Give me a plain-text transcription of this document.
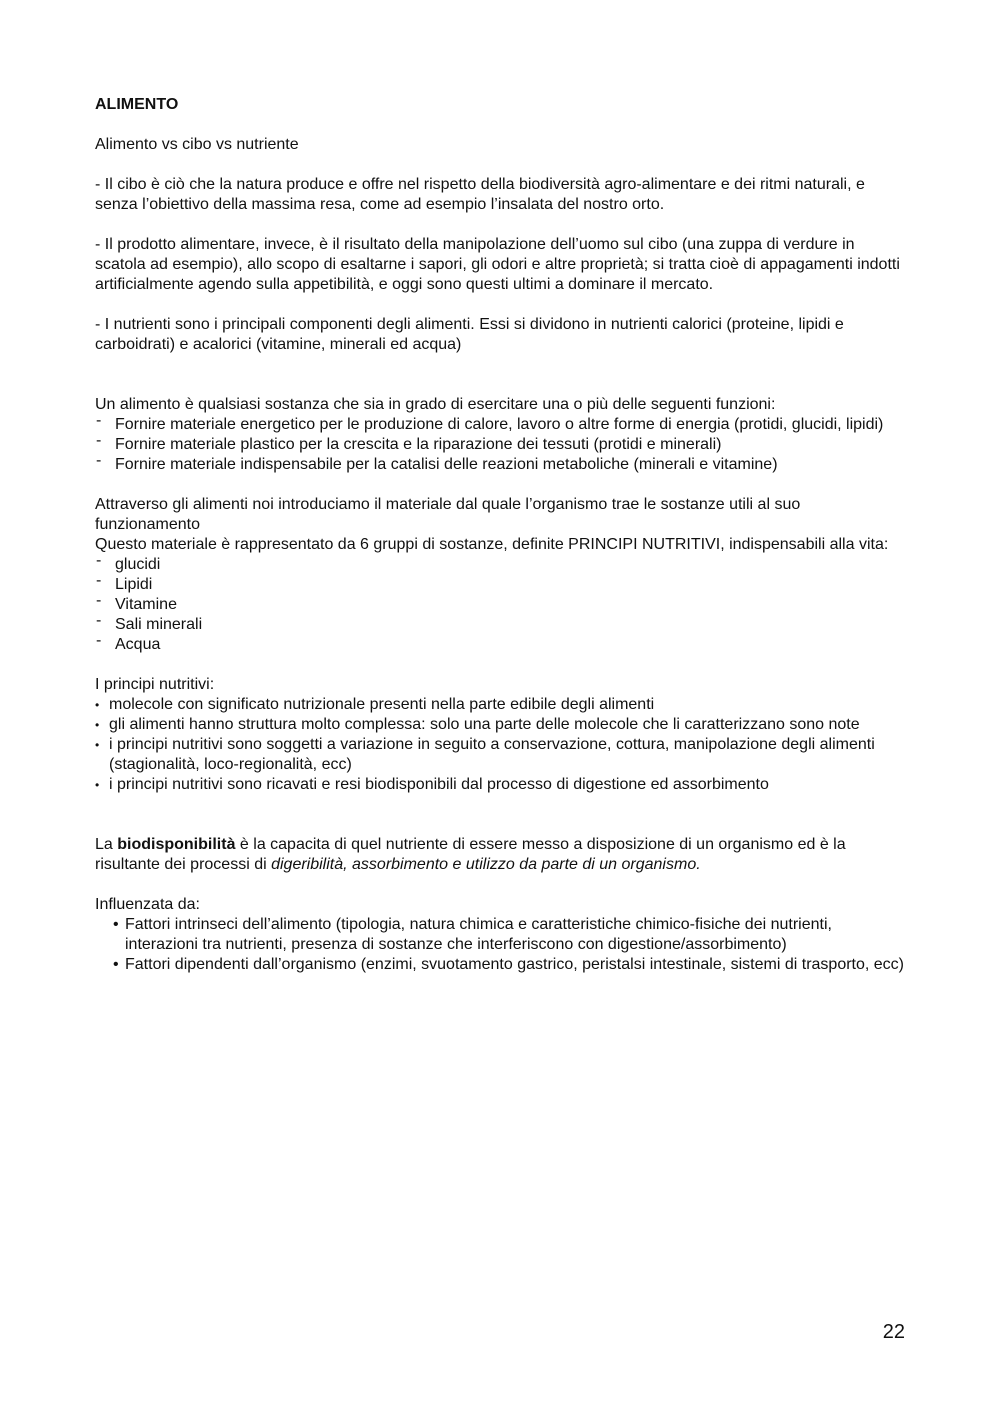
ALIMENTO

Alimento vs cibo vs nutriente

- Il cibo è ciò che la natura produce e offre nel rispetto della biodiversità agro-alimentare e dei ritmi naturali, e senza l’obiettivo della massima resa, come ad esempio l’insalata del nostro orto.

- Il prodotto alimentare, invece, è il risultato della manipolazione dell’uomo sul cibo (una zuppa di verdure in scatola ad esempio), allo scopo di esaltarne i sapori, gli odori e altre proprietà; si tratta cioè di appagamenti indotti artificialmente agendo sulla appetibilità, e oggi sono questi ultimi a dominare il mercato.

- I nutrienti sono i principali componenti degli alimenti. Essi si dividono in nutrienti calorici (proteine, lipidi e carboidrati) e acalorici (vitamine, minerali ed acqua)

Un alimento è qualsiasi sostanza che sia in grado di esercitare una o più delle seguenti funzioni:

- Fornire materiale energetico per le produzione di calore, lavoro o altre forme di energia (protidi, glucidi, lipidi)
- Fornire materiale plastico per la crescita e la riparazione dei tessuti (protidi e minerali)
- Fornire materiale indispensabile per la catalisi delle reazioni metaboliche (minerali e vitamine)

Attraverso gli alimenti noi introduciamo il materiale dal quale l’organismo trae le sostanze utili al suo funzionamento

Questo materiale è rappresentato da 6 gruppi di sostanze, definite PRINCIPI NUTRITIVI, indispensabili alla vita:

- glucidi
- Lipidi
- Vitamine
- Sali minerali
- Acqua

I principi nutritivi:

• molecole con significato nutrizionale presenti nella parte edibile degli alimenti
• gli alimenti hanno struttura molto complessa: solo una parte delle molecole che li caratterizzano sono note
• i principi nutritivi sono soggetti a variazione in seguito a conservazione, cottura, manipolazione degli alimenti (stagionalità, loco-regionalità, ecc)
• i principi nutritivi sono ricavati e resi biodisponibili dal processo di digestione ed assorbimento

La biodisponibilità è la capacita di quel nutriente di essere messo a disposizione di un organismo ed è la risultante dei processi di digeribilità, assorbimento e utilizzo da parte di un organismo.

Influenzata da:

• Fattori intrinseci dell’alimento (tipologia, natura chimica e caratteristiche chimico-fisiche dei nutrienti, interazioni tra nutrienti, presenza di sostanze che interferiscono con digestione/assorbimento)
• Fattori dipendenti dall’organismo (enzimi, svuotamento gastrico, peristalsi intestinale, sistemi di trasporto, ecc)
22
